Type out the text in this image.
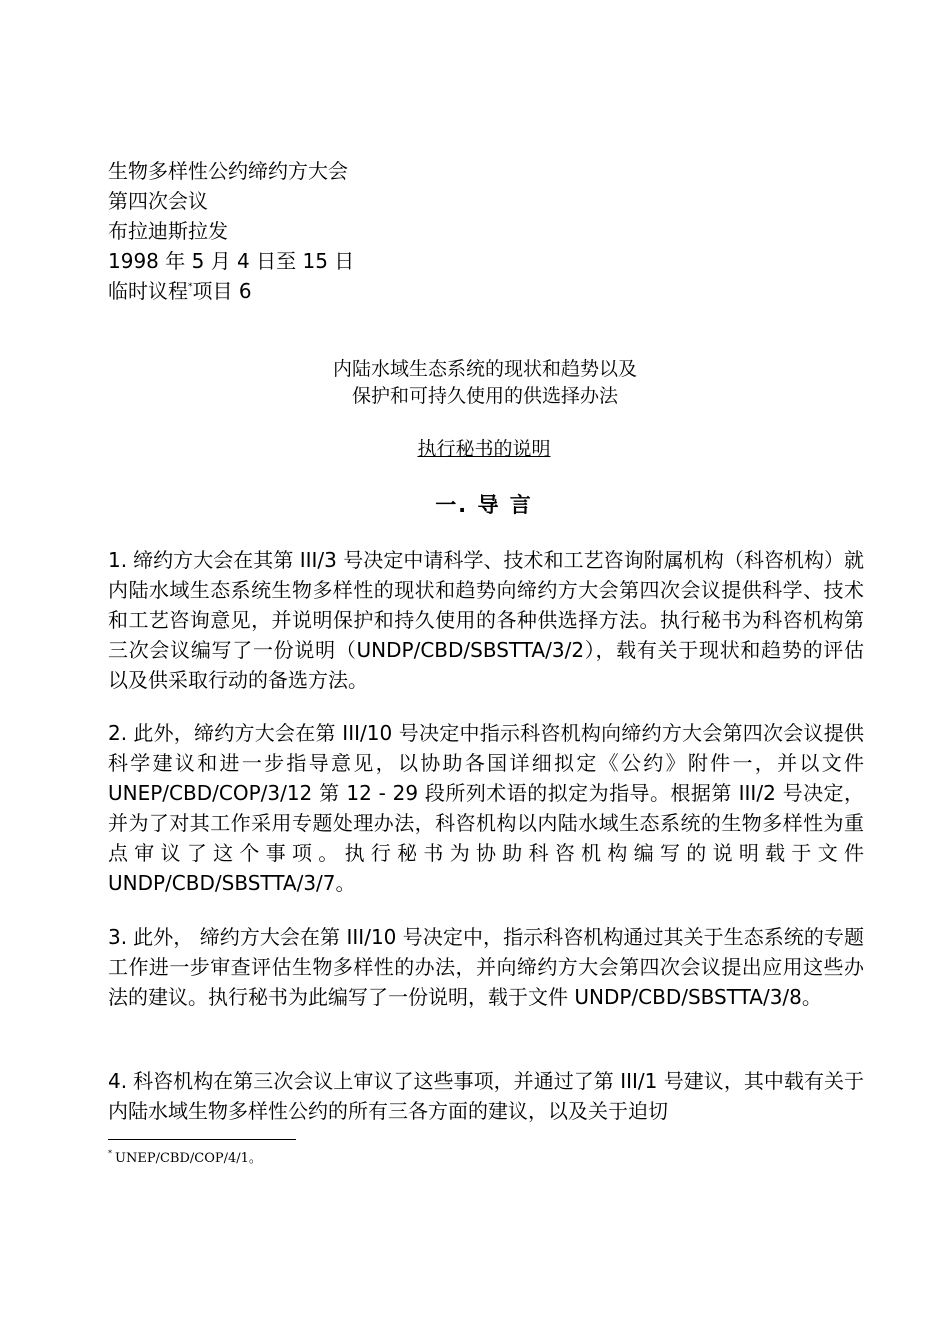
生物多样性公约缔约方大会
第四次会议
布拉迪斯拉发
1998 年 5 月 4 日至 15 日
临时议程*项目 6
内陆水域生态系统的现状和趋势以及
保护和可持久使用的供选择办法
执行秘书的说明
一. 导 言
1. 缔约方大会在其第 III/3 号决定中请科学、技术和工艺咨询附属机构（科咨机构）就内陆水域生态系统生物多样性的现状和趋势向缔约方大会第四次会议提供科学、技术和工艺咨询意见，并说明保护和持久使用的各种供选择方法。执行秘书为科咨机构第三次会议编写了一份说明（UNDP/CBD/SBSTTA/3/2），载有关于现状和趋势的评估以及供采取行动的备选方法。
2. 此外，缔约方大会在第 III/10 号决定中指示科咨机构向缔约方大会第四次会议提供科学建议和进一步指导意见，以协助各国详细拟定《公约》附件一，并以文件 UNEP/CBD/COP/3/12 第 12 - 29 段所列术语的拟定为指导。根据第 III/2 号决定，并为了对其工作采用专题处理办法，科咨机构以内陆水域生态系统的生物多样性为重点审议了这个事项。执行秘书为协助科咨机构编写的说明载于文件 UNDP/CBD/SBSTTA/3/7。
3. 此外， 缔约方大会在第 III/10 号决定中，指示科咨机构通过其关于生态系统的专题工作进一步审查评估生物多样性的办法，并向缔约方大会第四次会议提出应用这些办法的建议。执行秘书为此编写了一份说明，载于文件 UNDP/CBD/SBSTTA/3/8。
4. 科咨机构在第三次会议上审议了这些事项，并通过了第 III/1 号建议，其中载有关于内陆水域生物多样性公约的所有三各方面的建议，以及关于迫切
* UNEP/CBD/COP/4/1。
